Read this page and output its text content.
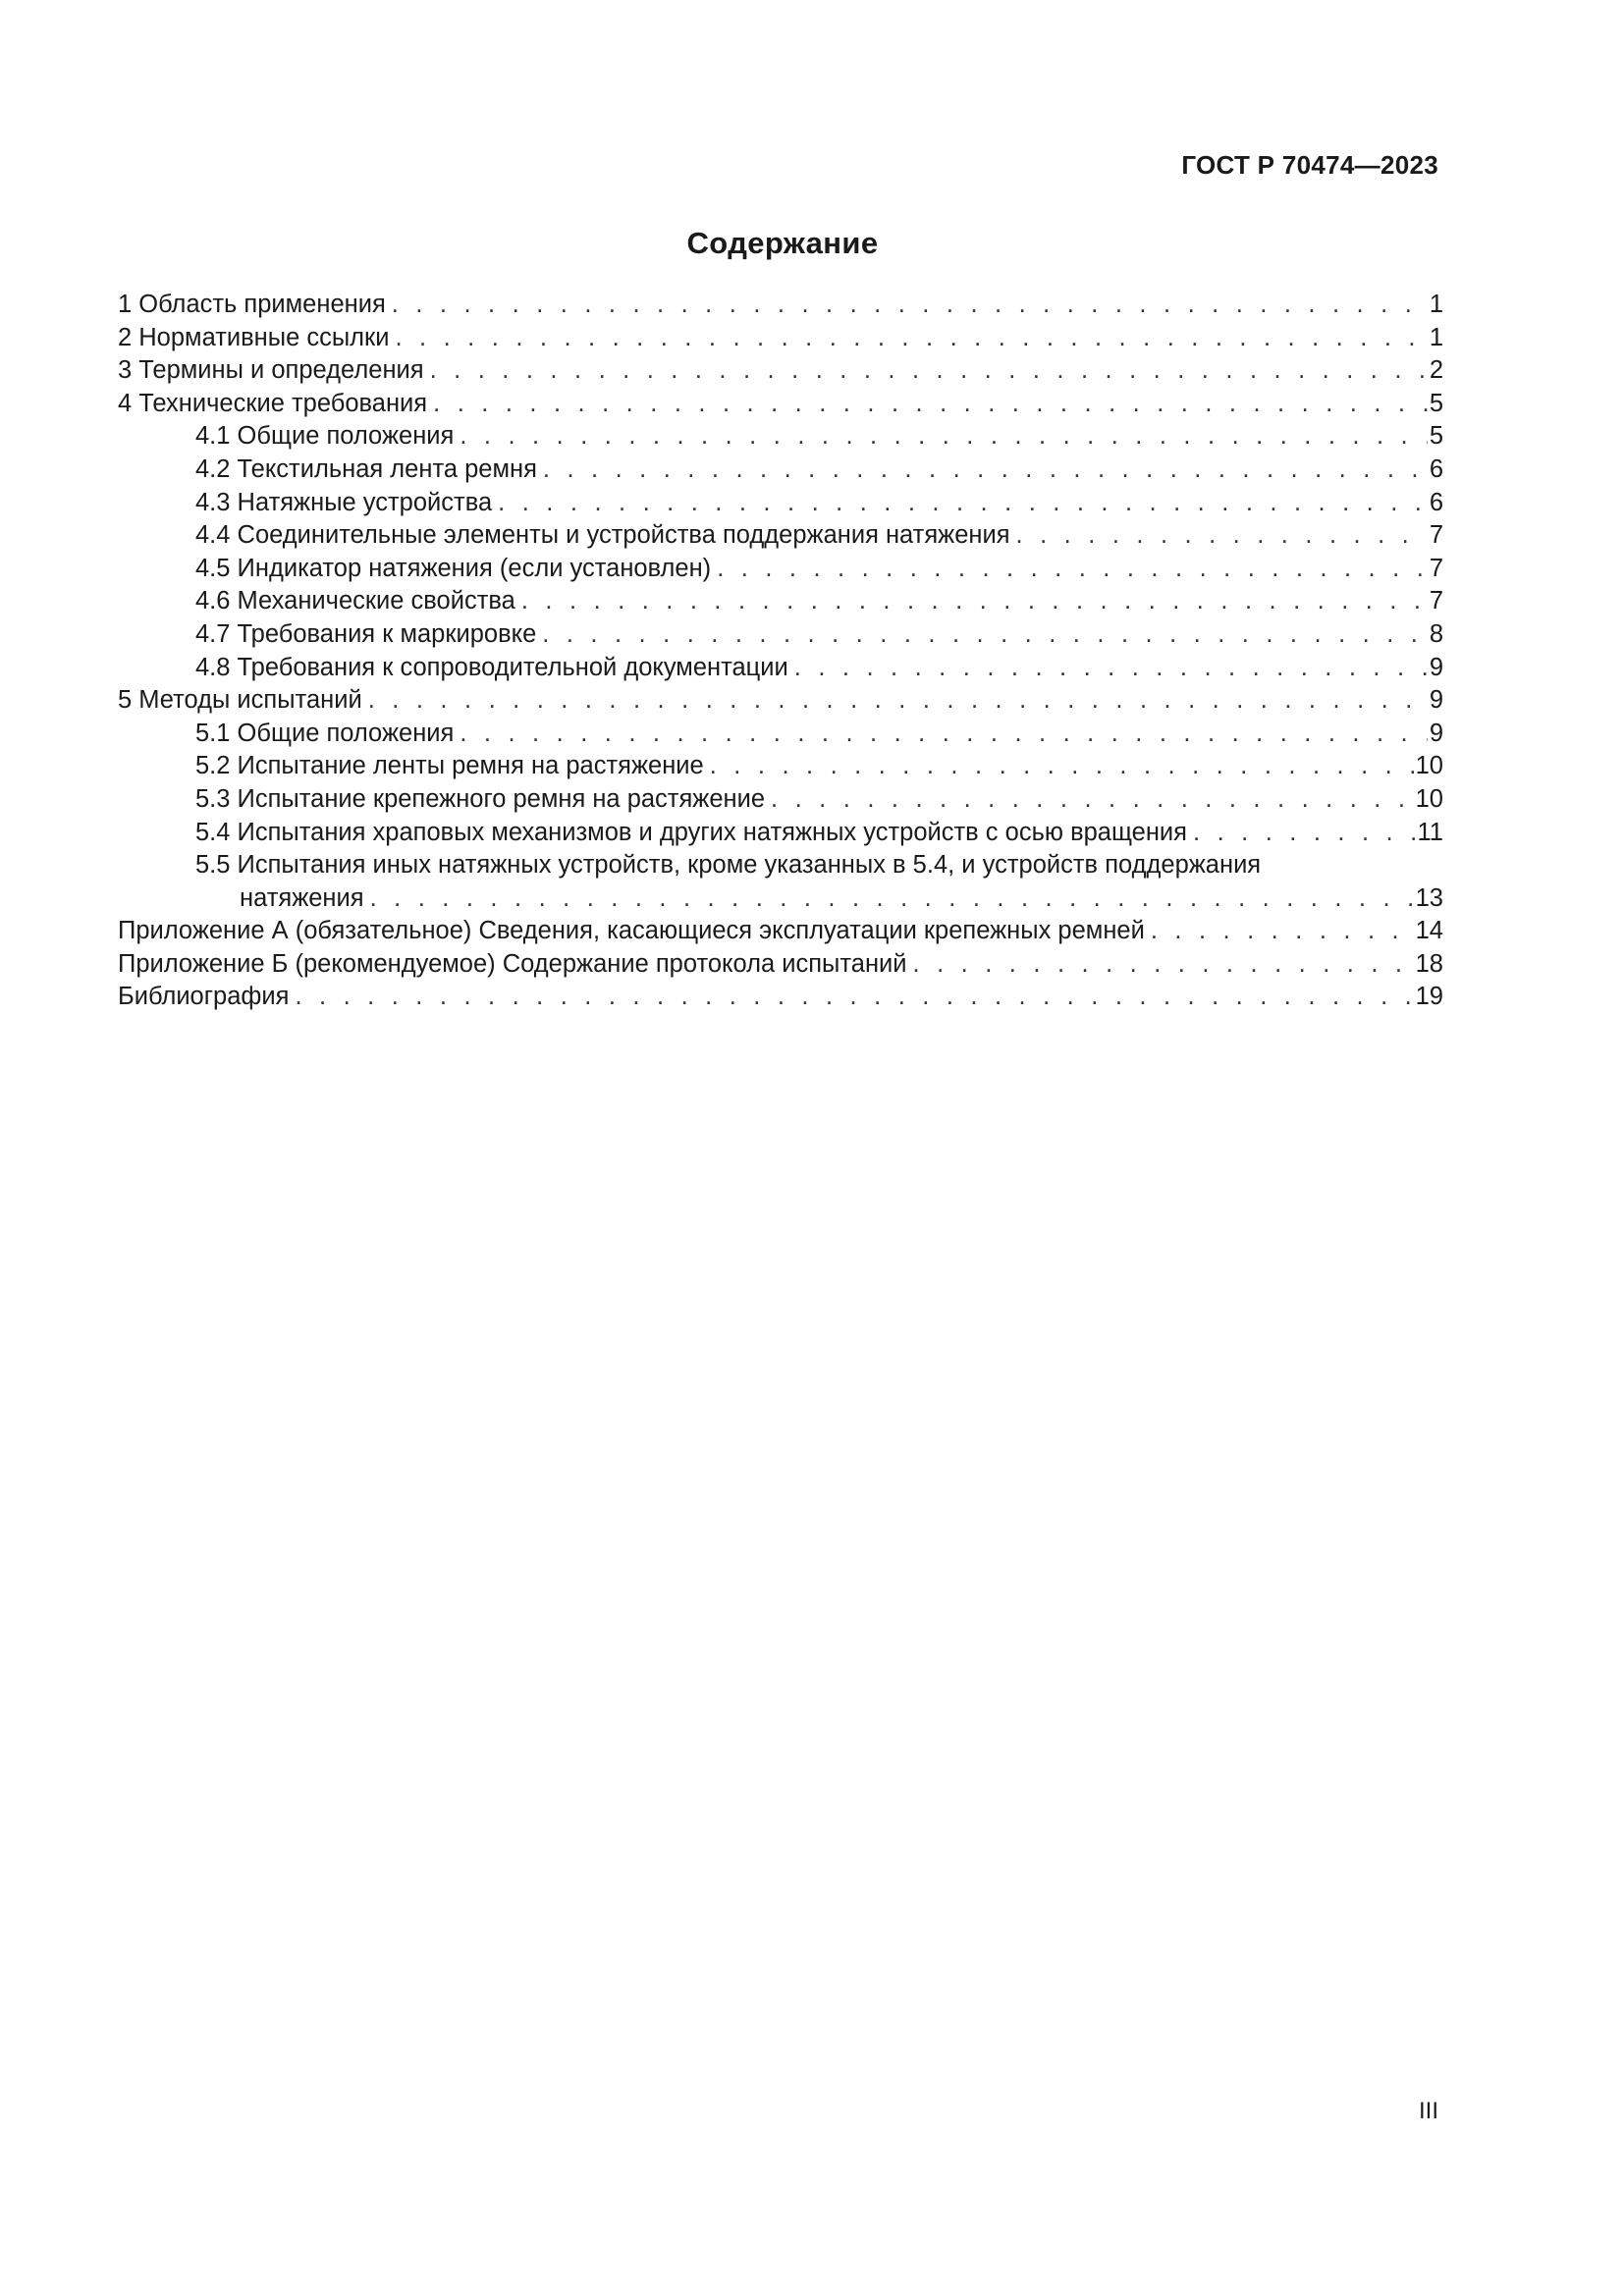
ГОСТ Р 70474—2023
Содержание
1 Область применения . . .	1
2 Нормативные ссылки . . .	1
3 Термины и определения . . .	2
4 Технические требования . . .	5
4.1 Общие положения . . .	5
4.2 Текстильная лента ремня . . .	6
4.3 Натяжные устройства . . .	6
4.4 Соединительные элементы и устройства поддержания натяжения . . .	7
4.5 Индикатор натяжения (если установлен) . . .	7
4.6 Механические свойства . . .	7
4.7 Требования к маркировке . . .	8
4.8 Требования к сопроводительной документации . . .	9
5 Методы испытаний . . .	9
5.1 Общие положения . . .	9
5.2 Испытание ленты ремня на растяжение . . .	10
5.3 Испытание крепежного ремня на растяжение . . .	10
5.4 Испытания храповых механизмов и других натяжных устройств с осью вращения . . .	11
5.5 Испытания иных натяжных устройств, кроме указанных в 5.4, и устройств поддержания
натяжения . . .	13
Приложение А (обязательное) Сведения, касающиеся эксплуатации крепежных ремней . . .	14
Приложение Б (рекомендуемое) Содержание протокола испытаний . . .	18
Библиография . . .	19
III
